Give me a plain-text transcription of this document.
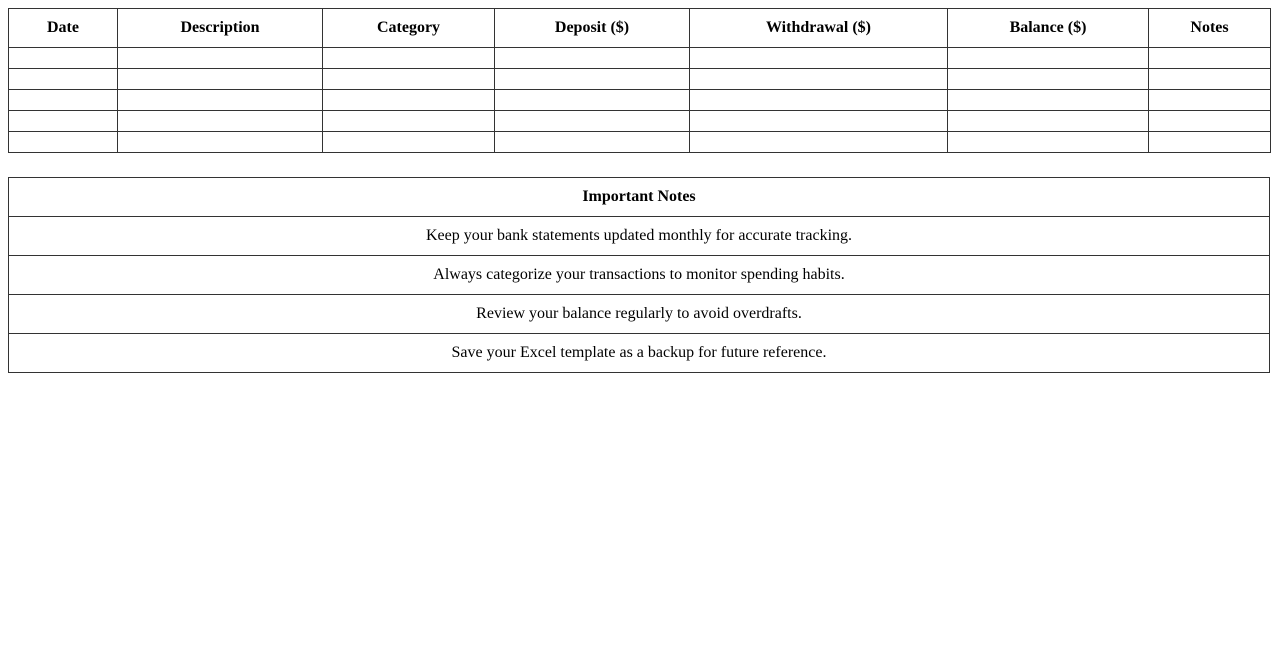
Date	Description	Category	Deposit ($)	Withdrawal ($)	Balance ($)	Notes

Important Notes
Keep your bank statements updated monthly for accurate tracking.
Always categorize your transactions to monitor spending habits.
Review your balance regularly to avoid overdrafts.
Save your Excel template as a backup for future reference.
